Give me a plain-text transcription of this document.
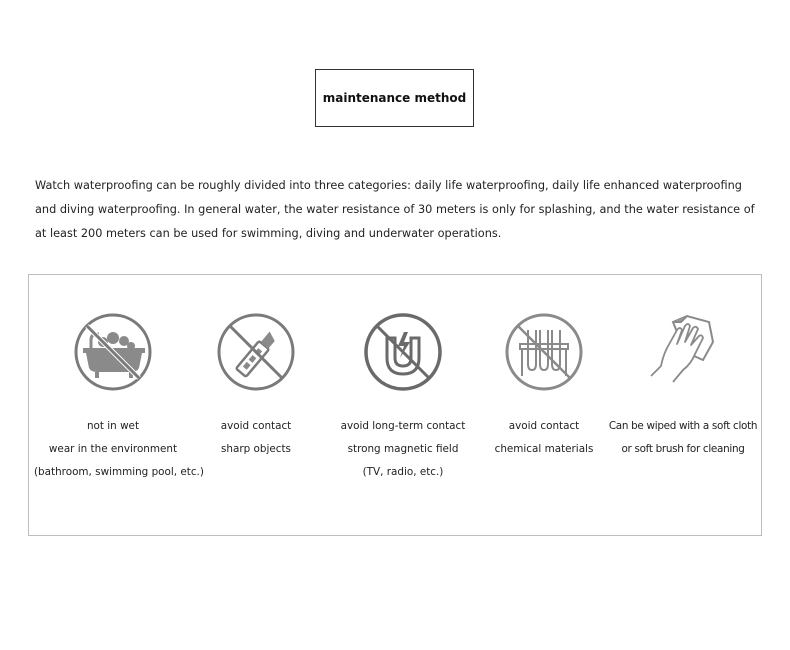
maintenance method
Watch waterproofing can be roughly divided into three categories: daily life waterproofing, daily life enhanced waterproofing and diving waterproofing. In general water, the water resistance of 30 meters is only for splashing, and the water resistance of at least 200 meters can be used for swimming, diving and underwater operations.
not in wet
wear in the environment
(bathroom, swimming pool, etc.)
avoid contact
sharp objects
avoid long-term contact
strong magnetic field
(TV, radio, etc.)
avoid contact
chemical materials
Can be wiped with a soft cloth
or soft brush for cleaning
